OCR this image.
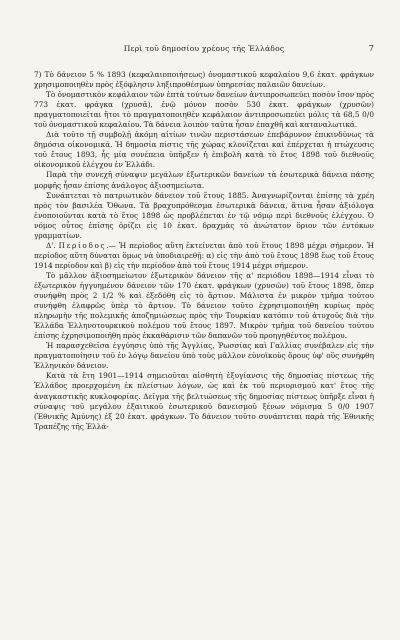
Περὶ τοῦ δημοσίου χρέους τῆς Ἑλλάδος	7

7) Τὸ δάνειον 5 % 1893 (κεφαλαιοποιήσεως) ὀνομαστικοῦ κεφαλαίου 9,6 ἑκατ. φράγκων χρησιμοποιηθὲν πρὸς ἐξόφλησιν ληξιπροθέσμων ὑπηρεσίας παλαιῶν δανείων.

Τὸ ὀνομαστικὸν κεφάλαιον τῶν ἑπτὰ τούτων δανείων ἀντιπροσωπεύει ποσὸν ἴσον πρὸς 773 ἑκατ. φράγκα (χρυσᾶ), ἐνῷ μόνον ποσὸν 530 ἑκατ. φράγκων (χρυσῶν) πραγματοποιεῖται ἤτοι τὸ πραγματοποιηθὲν κεφάλαιον ἀντιπροσωπεύει μόλις τὰ 68,5 0/0 τοῦ ὀνομαστικοῦ κεφαλαίου. Τὰ δάνεια λοιπὸν ταῦτα ἦσαν ἐπαχθῆ καὶ καταναλωτικά.

Διὰ τοῦτο τῇ συμβολῇ ἀκόμη αἰτίων τινῶν περιστάσεων ἐπεβάρυνον ἐπικινδύνως τὰ δημόσια οἰκονομικά. Ἡ δημοσία πίστις τῆς χώρας κλονίζεται καὶ ἐπέρχεται ἡ πτώχευσις τοῦ ἔτους 1893, ἧς μία συνέπεια ὑπῆρξεν ἡ ἐπιβολὴ κατὰ τὸ ἔτος 1898 τοῦ διεθνοῦς οἰκονομικοῦ ἐλέγχου ἐν Ἑλλάδι.

Παρὰ τὴν συνεχῆ σύναψιν μεγάλων ἐξωτερικῶν δανείων τὰ ἐσωτερικὰ δάνεια πάσης μορφῆς ἦσαν ἐπίσης ἀνάλογος ἀξιοσημείωτα.

Συνάπτεται τὸ πατριωτικὸν δάνειον τοῦ ἔτους 1885. Ἀναγνωρίζονται ἐπίσης τὰ χρέη πρὸς τὸν βασιλέα Ὄθωνα. Τὰ βραχυπρόθεσμα ἐσωτερικὰ δάνεια, ἅτινα ἦσαν ἀξιόλογα ἐνοποιοῦνται κατὰ τὸ ἔτος 1898 ὡς προβλέπεται ἐν τῷ νόμῳ περὶ διεθνοῦς ἐλέγχου. Ὁ νόμος οὗτος ἐπίσης ὁρίζει εἰς 10 ἑκατ. δραχμὰς τὸ ἀνώτατον ὅριον τῶν ἐντόκων γραμματίων.

Δ'. Περίοδος.— Ἡ περίοδος αὕτη ἐκτείνεται ἀπὸ τοῦ ἔτους 1898 μέχρι σήμερον. Ἡ περίοδος αὕτη δύναται ὅμως νὰ ὑποδιαιρεθῇ: α) εἰς τὴν ἀπὸ τοῦ ἔτους 1898 ἕως τοῦ ἔτους 1914 περίοδον καὶ β) εἰς τὴν περίοδον ἀπὸ τοῦ ἔτους 1914 μέχρι σήμερον.

Τὸ μᾶλλον ἀξιοσημείωτον ἐξωτερικὸν δάνειον τῆς α' περιόδου 1898—1914 εἶναι τὸ ἐξωτερικὸν ἠγγυημένον δάνειον τῶν 170 ἑκατ. φράγκων (χρυσῶν) τοῦ ἔτους 1898, ὅπερ συνήφθη πρὸς 2 1/2 % καὶ ἐξεδόθη εἰς τὸ ἄρτιον. Μάλιστα ἐν μικρὸν τμῆμα τούτου συνήφθη ἐλαφρῶς ὑπὲρ τὸ ἄρτιον. Τὸ δάνειον τοῦτο ἐχρησιμοποιήθη κυρίως πρὸς πληρωμὴν τῆς πολεμικῆς ἀποζημιώσεως πρὸς τὴν Τουρκίαν κατόπιν τοῦ ἀτυχοῦς διὰ τὴν Ἑλλάδα Ἑλληνοτουρκικοῦ πολέμου τοῦ ἔτους 1897. Μικρὸν τμῆμα τοῦ δανείου τούτου ἐπίσης ἐχρησιμοποιήθη πρὸς ἐκκαθάρισιν τῶν δαπανῶν τοῦ προηγηθέντος πολέμου.

Ἡ παρασχεθεῖσα ἐγγύησις ὑπὸ τῆς Ἀγγλίας, Ῥωσσίας καὶ Γαλλίας συνέβαλεν εἰς τὴν πραγματοποίησιν τοῦ ἐν λόγῳ δανείου ὑπὸ τοὺς μᾶλλον εὐνοϊκοὺς ὅρους ὑφ' οὓς συνήφθη Ἑλληνικὸν δάνειον.

Κατὰ τὰ ἔτη 1901—1914 σημειοῦται αἰσθητὴ ἐξυγίανσις τῆς δημοσίας πίστεως τῆς Ἑλλάδος προερχομένη ἐκ πλείστων λόγων, ὡς καὶ ἐκ τοῦ περιορισμοῦ κατ' ἔτος τῆς ἀναγκαστικῆς κυκλοφορίας. Δεῖγμα τῆς βελτιώσεως τῆς δημοσίας πίστεως ὑπῆρξε εἶναι ἡ σύναψις τοῦ μεγάλου ἐξαιτικοῦ ἐσωτερικοῦ δανεισμοῦ ξένων νόμισμα 5 0/0 1907 (Ἐθνικῆς Ἀμύνης) ἐξ 20 ἑκατ. φράγκων. Τὸ δάνειον τοῦτο συνάπτεται παρὰ τῆς Ἐθνικῆς Τραπέζης τῆς Ἑλλά-
